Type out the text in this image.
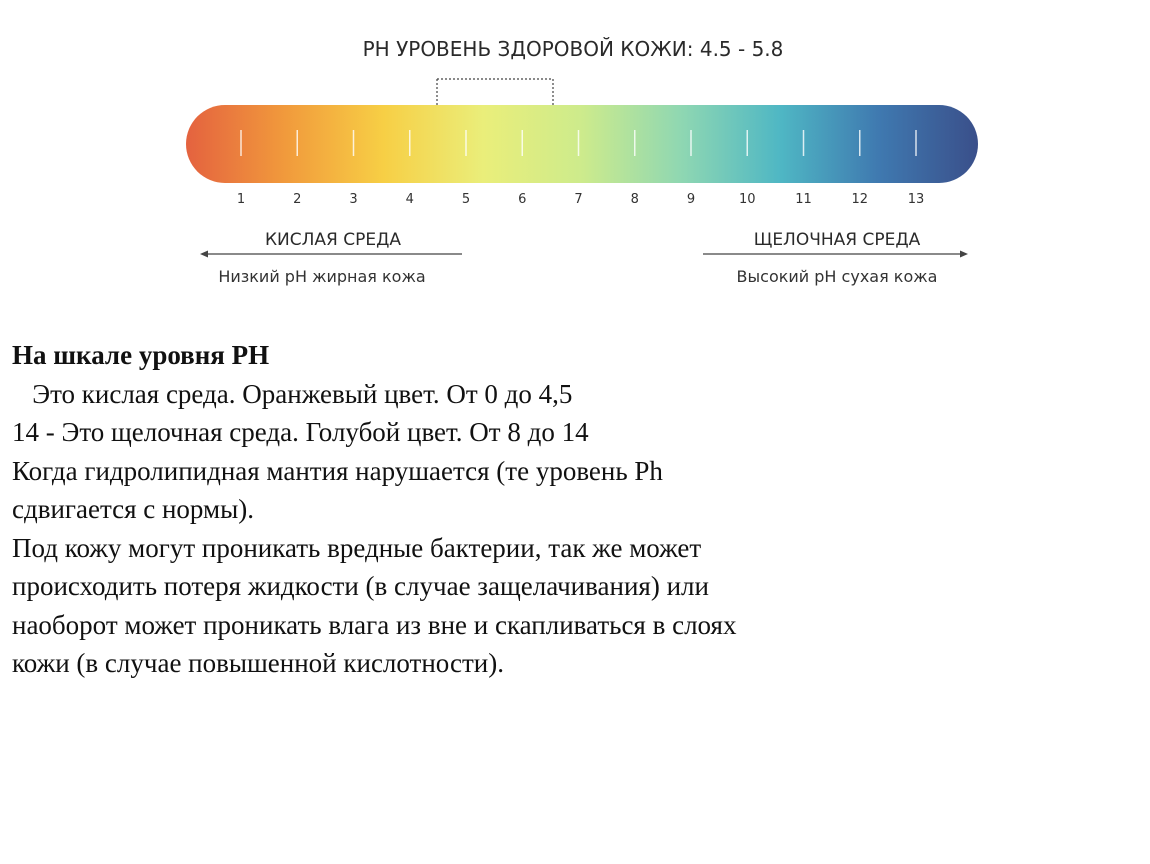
PH УРОВЕНЬ ЗДОРОВОЙ КОЖИ: 4.5 - 5.8
1	2	3	4	5	6	7	8	9	10	11	12	13
КИСЛАЯ СРЕДА
Низкий pH жирная кожа
ЩЕЛОЧНАЯ СРЕДА
Высокий pH сухая кожа

На шкале уровня PH

Это кислая среда. Оранжевый цвет. От 0 до 4,5

14 - Это щелочная среда. Голубой цвет. От 8 до 14

Когда гидролипидная мантия нарушается (те уровень Ph

сдвигается с нормы).

Под кожу могут проникать вредные бактерии, так же может

происходить потеря жидкости (в случае защелачивания) или

наоборот может проникать влага из вне и скапливаться в слоях

кожи (в случае повышенной кислотности).
